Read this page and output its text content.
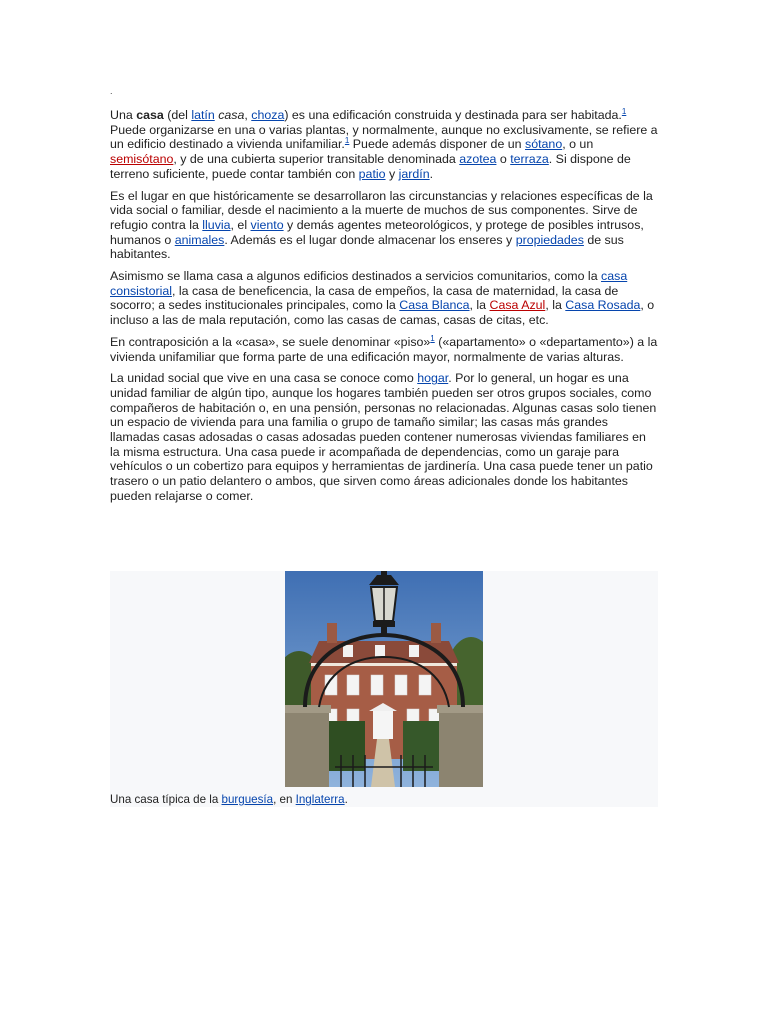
.

Una casa (del latín casa, choza) es una edificación construida y destinada para ser habitada.$^1$ Puede organizarse en una o varias plantas, y normalmente, aunque no exclusivamente, se refiere a un edificio destinado a vivienda unifamiliar.$^1$ Puede además disponer de un sótano, o un semisótano, y de una cubierta superior transitable denominada azotea o terraza. Si dispone de terreno suficiente, puede contar también con patio y jardín.

Es el lugar en que históricamente se desarrollaron las circunstancias y relaciones específicas de la vida social o familiar, desde el nacimiento a la muerte de muchos de sus componentes. Sirve de refugio contra la lluvia, el viento y demás agentes meteorológicos, y protege de posibles intrusos, humanos o animales. Además es el lugar donde almacenar los enseres y propiedades de sus habitantes.

Asimismo se llama casa a algunos edificios destinados a servicios comunitarios, como la casa consistorial, la casa de beneficencia, la casa de empeños, la casa de maternidad, la casa de socorro; a sedes institucionales principales, como la Casa Blanca, la Casa Azul, la Casa Rosada, o incluso a las de mala reputación, como las casas de camas, casas de citas, etc.

En contraposición a la «casa», se suele denominar «piso»$^1$ («apartamento» o «departamento») a la vivienda unifamiliar que forma parte de una edificación mayor, normalmente de varias alturas.

La unidad social que vive en una casa se conoce como hogar. Por lo general, un hogar es una unidad familiar de algún tipo, aunque los hogares también pueden ser otros grupos sociales, como compañeros de habitación o, en una pensión, personas no relacionadas. Algunas casas solo tienen un espacio de vivienda para una familia o grupo de tamaño similar; las casas más grandes llamadas casas adosadas o casas adosadas pueden contener numerosas viviendas familiares en la misma estructura. Una casa puede ir acompañada de dependencias, como un garaje para vehículos o un cobertizo para equipos y herramientas de jardinería. Una casa puede tener un patio trasero o un patio delantero o ambos, que sirven como áreas adicionales donde los habitantes pueden relajarse o comer.

Una casa típica de la burguesía, en Inglaterra.
